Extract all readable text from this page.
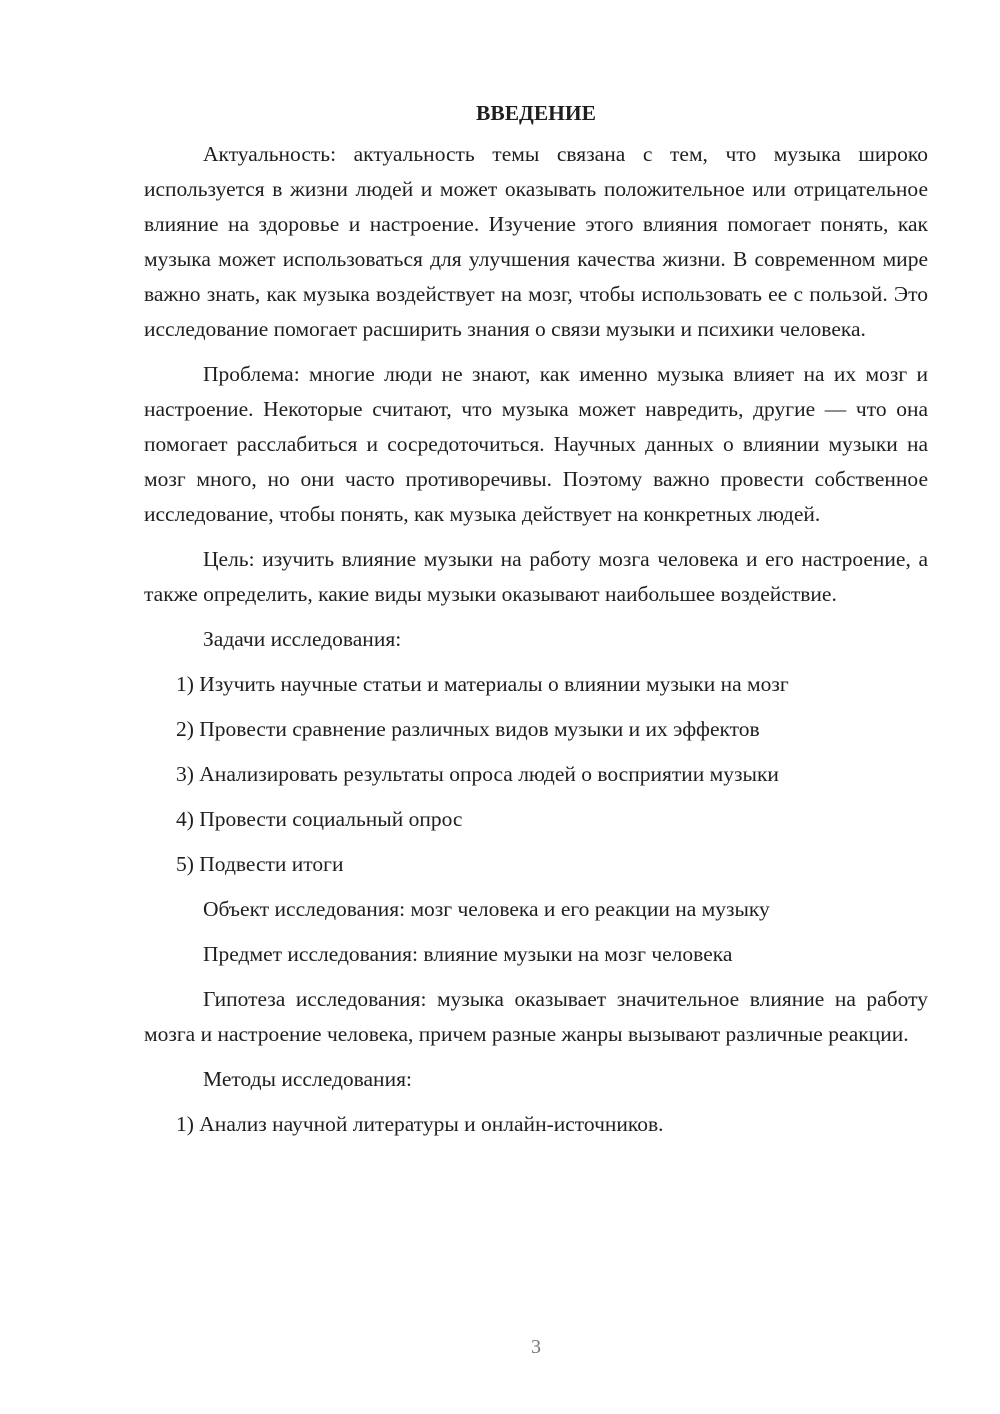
ВВЕДЕНИЕ

Актуальность: актуальность темы связана с тем, что музыка широко используется в жизни людей и может оказывать положительное или отрицательное влияние на здоровье и настроение. Изучение этого влияния помогает понять, как музыка может использоваться для улучшения качества жизни. В современном мире важно знать, как музыка воздействует на мозг, чтобы использовать ее с пользой. Это исследование помогает расширить знания о связи музыки и психики человека.

Проблема: многие люди не знают, как именно музыка влияет на их мозг и настроение. Некоторые считают, что музыка может навредить, другие — что она помогает расслабиться и сосредоточиться. Научных данных о влиянии музыки на мозг много, но они часто противоречивы. Поэтому важно провести собственное исследование, чтобы понять, как музыка действует на конкретных людей.

Цель: изучить влияние музыки на работу мозга человека и его настроение, а также определить, какие виды музыки оказывают наибольшее воздействие.

Задачи исследования:

1) Изучить научные статьи и материалы о влиянии музыки на мозг

2) Провести сравнение различных видов музыки и их эффектов

3) Анализировать результаты опроса людей о восприятии музыки

4) Провести социальный опрос

5) Подвести итоги

Объект исследования: мозг человека и его реакции на музыку

Предмет исследования: влияние музыки на мозг человека

Гипотеза исследования: музыка оказывает значительное влияние на работу мозга и настроение человека, причем разные жанры вызывают различные реакции.

Методы исследования:

1) Анализ научной литературы и онлайн-источников.

3
